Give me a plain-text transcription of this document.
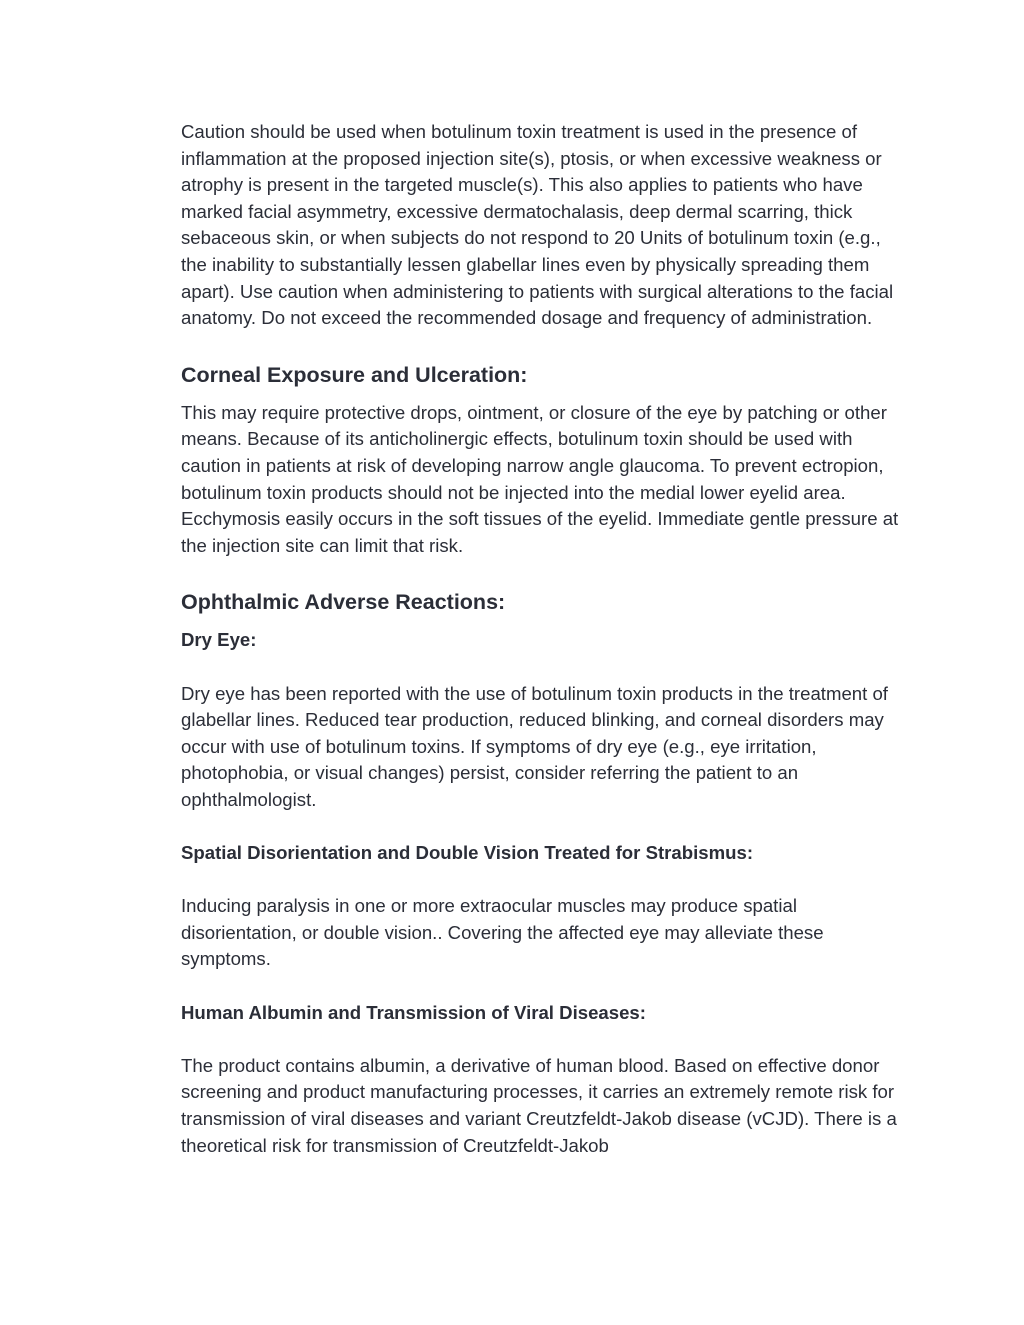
Caution should be used when botulinum toxin treatment is used in the presence of inflammation at the proposed injection site(s), ptosis, or when excessive weakness or atrophy is present in the targeted muscle(s). This also applies to patients who have marked facial asymmetry, excessive dermatochalasis, deep dermal scarring, thick sebaceous skin, or when subjects do not respond to 20 Units of botulinum toxin (e.g., the inability to substantially lessen glabellar lines even by physically spreading them apart). Use caution when administering to patients with surgical alterations to the facial anatomy. Do not exceed the recommended dosage and frequency of administration.

Corneal Exposure and Ulceration:

This may require protective drops, ointment, or closure of the eye by patching or other means. Because of its anticholinergic effects, botulinum toxin should be used with caution in patients at risk of developing narrow angle glaucoma. To prevent ectropion, botulinum toxin products should not be injected into the medial lower eyelid area. Ecchymosis easily occurs in the soft tissues of the eyelid. Immediate gentle pressure at the injection site can limit that risk.

Ophthalmic Adverse Reactions:
Dry Eye:

Dry eye has been reported with the use of botulinum toxin products in the treatment of glabellar lines. Reduced tear production, reduced blinking, and corneal disorders may occur with use of botulinum toxins. If symptoms of dry eye (e.g., eye irritation, photophobia, or visual changes) persist, consider referring the patient to an ophthalmologist.

Spatial Disorientation and Double Vision Treated for Strabismus:

Inducing paralysis in one or more extraocular muscles may produce spatial disorientation, or double vision.. Covering the affected eye may alleviate these symptoms.

Human Albumin and Transmission of Viral Diseases:

The product contains albumin, a derivative of human blood. Based on effective donor screening and product manufacturing processes, it carries an extremely remote risk for transmission of viral diseases and variant Creutzfeldt-Jakob disease (vCJD). There is a theoretical risk for transmission of Creutzfeldt-Jakob
